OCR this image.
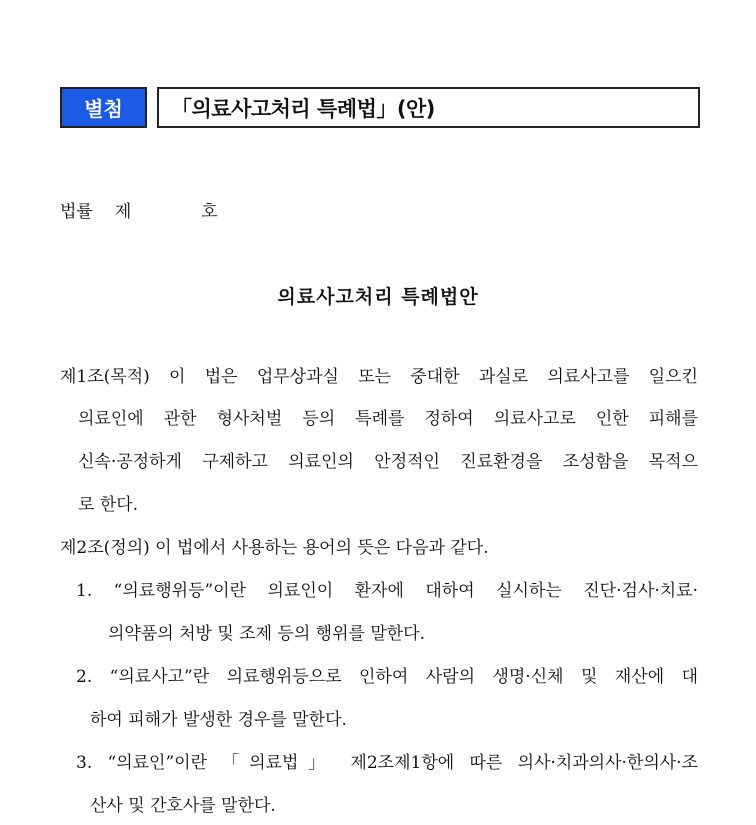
별첨	「의료사고처리 특례법」(안)
법률 제	호
의료사고처리 특례법안
제1조(목적) 이 법은 업무상과실 또는 중대한 과실로 의료사고를 일으킨
의료인에 관한 형사처벌 등의 특례를 정하여 의료사고로 인한 피해를
신속·공정하게 구제하고 의료인의 안정적인 진료환경을 조성함을 목적으
로 한다.
제2조(정의) 이 법에서 사용하는 용어의 뜻은 다음과 같다.
1. “의료행위등”이란 의료인이 환자에 대하여 실시하는 진단·검사·치료·
의약품의 처방 및 조제 등의 행위를 말한다.
2. “의료사고”란 의료행위등으로 인하여 사람의 생명·신체 및 재산에 대
하여 피해가 발생한 경우를 말한다.
3. “의료인”이란 「의료법」 제2조제1항에 따른 의사·치과의사·한의사·조
산사 및 간호사를 말한다.
